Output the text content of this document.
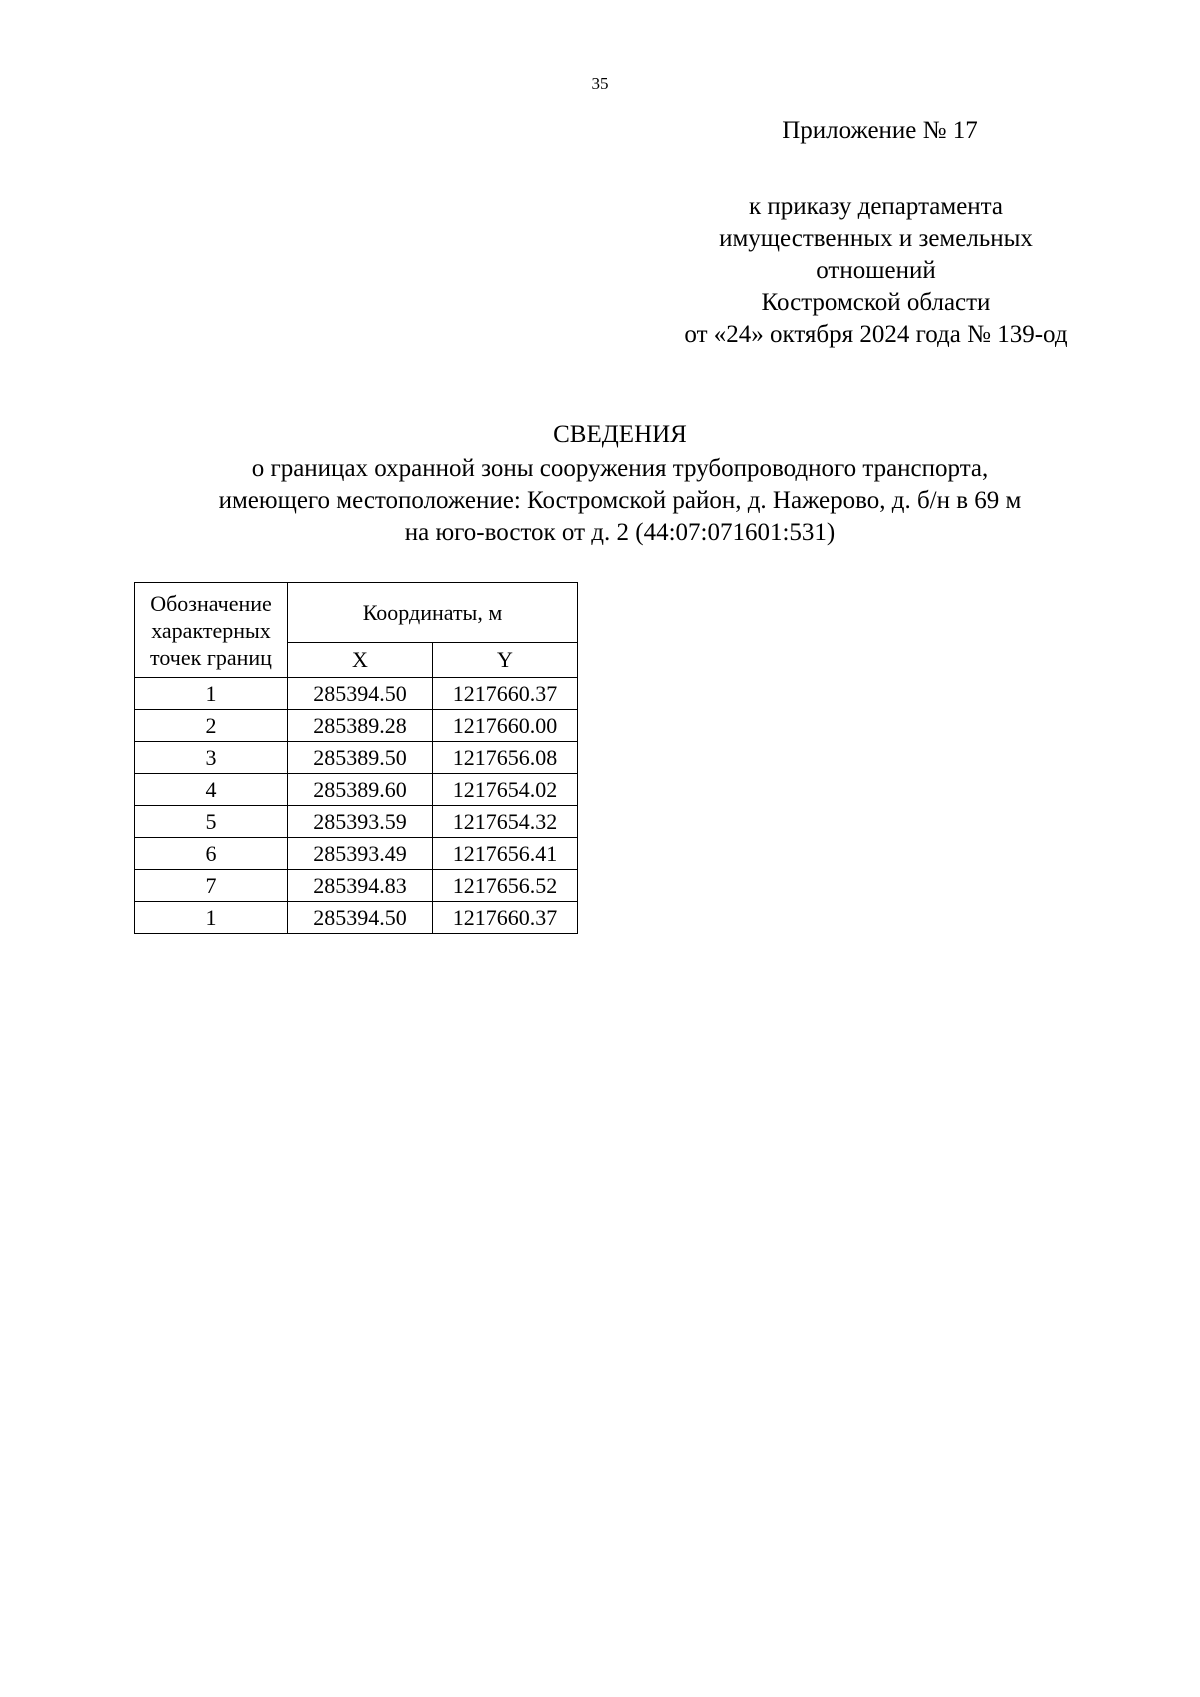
35
Приложение № 17
к приказу департамента
имущественных и земельных
отношений
Костромской области
от «24» октября 2024 года № 139-од
СВЕДЕНИЯ
о границах охранной зоны сооружения трубопроводного транспорта,
имеющего местоположение: Костромской район, д. Нажерово, д. б/н в 69 м
на юго-восток от д. 2 (44:07:071601:531)
Обозначение
характерных
точек границ	Координаты, м	
	X	Y
1	285394.50	1217660.37
2	285389.28	1217660.00
3	285389.50	1217656.08
4	285389.60	1217654.02
5	285393.59	1217654.32
6	285393.49	1217656.41
7	285394.83	1217656.52
1	285394.50	1217660.37
